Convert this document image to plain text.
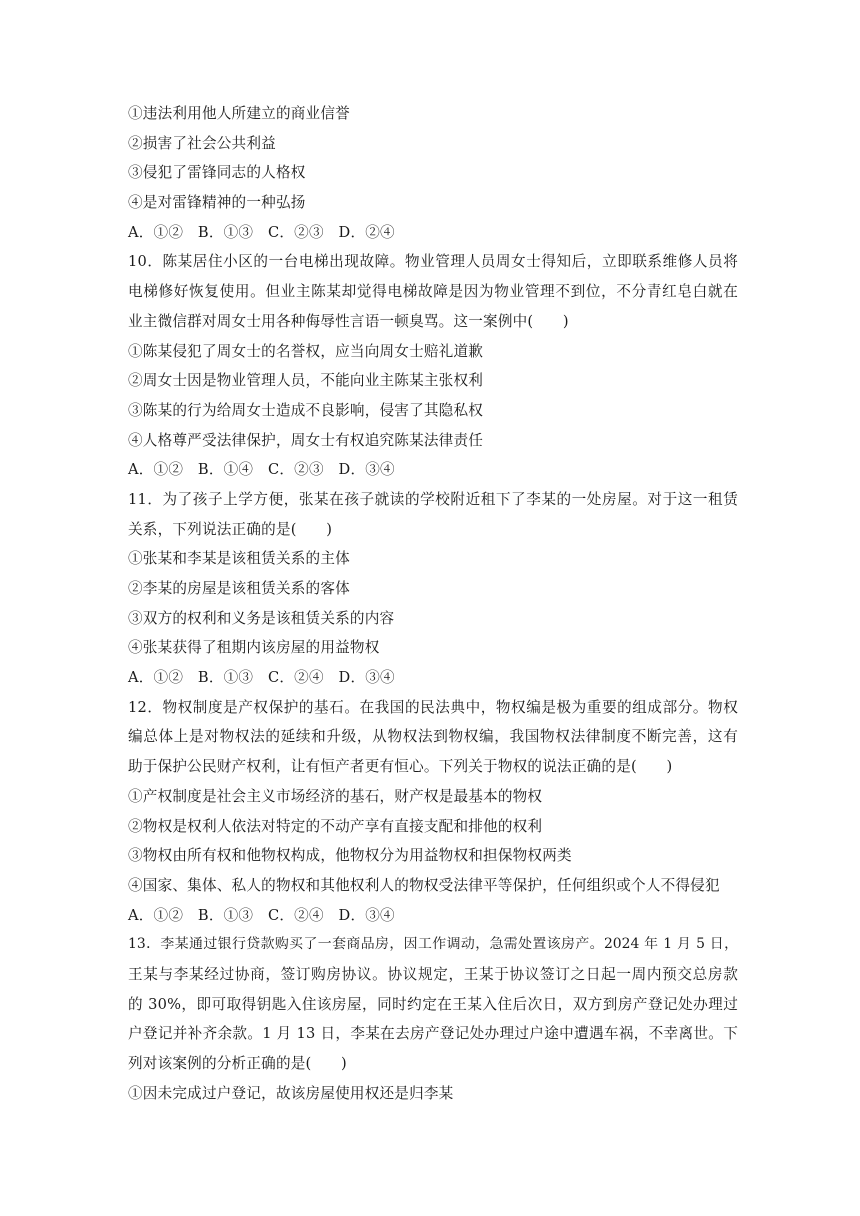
①违法利用他人所建立的商业信誉
②损害了社会公共利益
③侵犯了雷锋同志的人格权
④是对雷锋精神的一种弘扬
A．①②　B．①③　C．②③　D．②④
10．陈某居住小区的一台电梯出现故障。物业管理人员周女士得知后，立即联系维修人员将
电梯修好恢复使用。但业主陈某却觉得电梯故障是因为物业管理不到位，不分青红皂白就在
业主微信群对周女士用各种侮辱性言语一顿臭骂。这一案例中(　　)
①陈某侵犯了周女士的名誉权，应当向周女士赔礼道歉
②周女士因是物业管理人员，不能向业主陈某主张权利
③陈某的行为给周女士造成不良影响，侵害了其隐私权
④人格尊严受法律保护，周女士有权追究陈某法律责任
A．①②　B．①④　C．②③　D．③④
11．为了孩子上学方便，张某在孩子就读的学校附近租下了李某的一处房屋。对于这一租赁
关系，下列说法正确的是(　　)
①张某和李某是该租赁关系的主体
②李某的房屋是该租赁关系的客体
③双方的权利和义务是该租赁关系的内容
④张某获得了租期内该房屋的用益物权
A．①②　B．①③　C．②④　D．③④
12．物权制度是产权保护的基石。在我国的民法典中，物权编是极为重要的组成部分。物权
编总体上是对物权法的延续和升级，从物权法到物权编，我国物权法律制度不断完善，这有
助于保护公民财产权利，让有恒产者更有恒心。下列关于物权的说法正确的是(　　)
①产权制度是社会主义市场经济的基石，财产权是最基本的物权
②物权是权利人依法对特定的不动产享有直接支配和排他的权利
③物权由所有权和他物权构成，他物权分为用益物权和担保物权两类
④国家、集体、私人的物权和其他权利人的物权受法律平等保护，任何组织或个人不得侵犯
A．①②　B．①③　C．②④　D．③④
13．李某通过银行贷款购买了一套商品房，因工作调动，急需处置该房产。2024 年 1 月 5 日，
王某与李某经过协商，签订购房协议。协议规定，王某于协议签订之日起一周内预交总房款
的 30%，即可取得钥匙入住该房屋，同时约定在王某入住后次日，双方到房产登记处办理过
户登记并补齐余款。1 月 13 日，李某在去房产登记处办理过户途中遭遇车祸，不幸离世。下
列对该案例的分析正确的是(　　)
①因未完成过户登记，故该房屋使用权还是归李某
